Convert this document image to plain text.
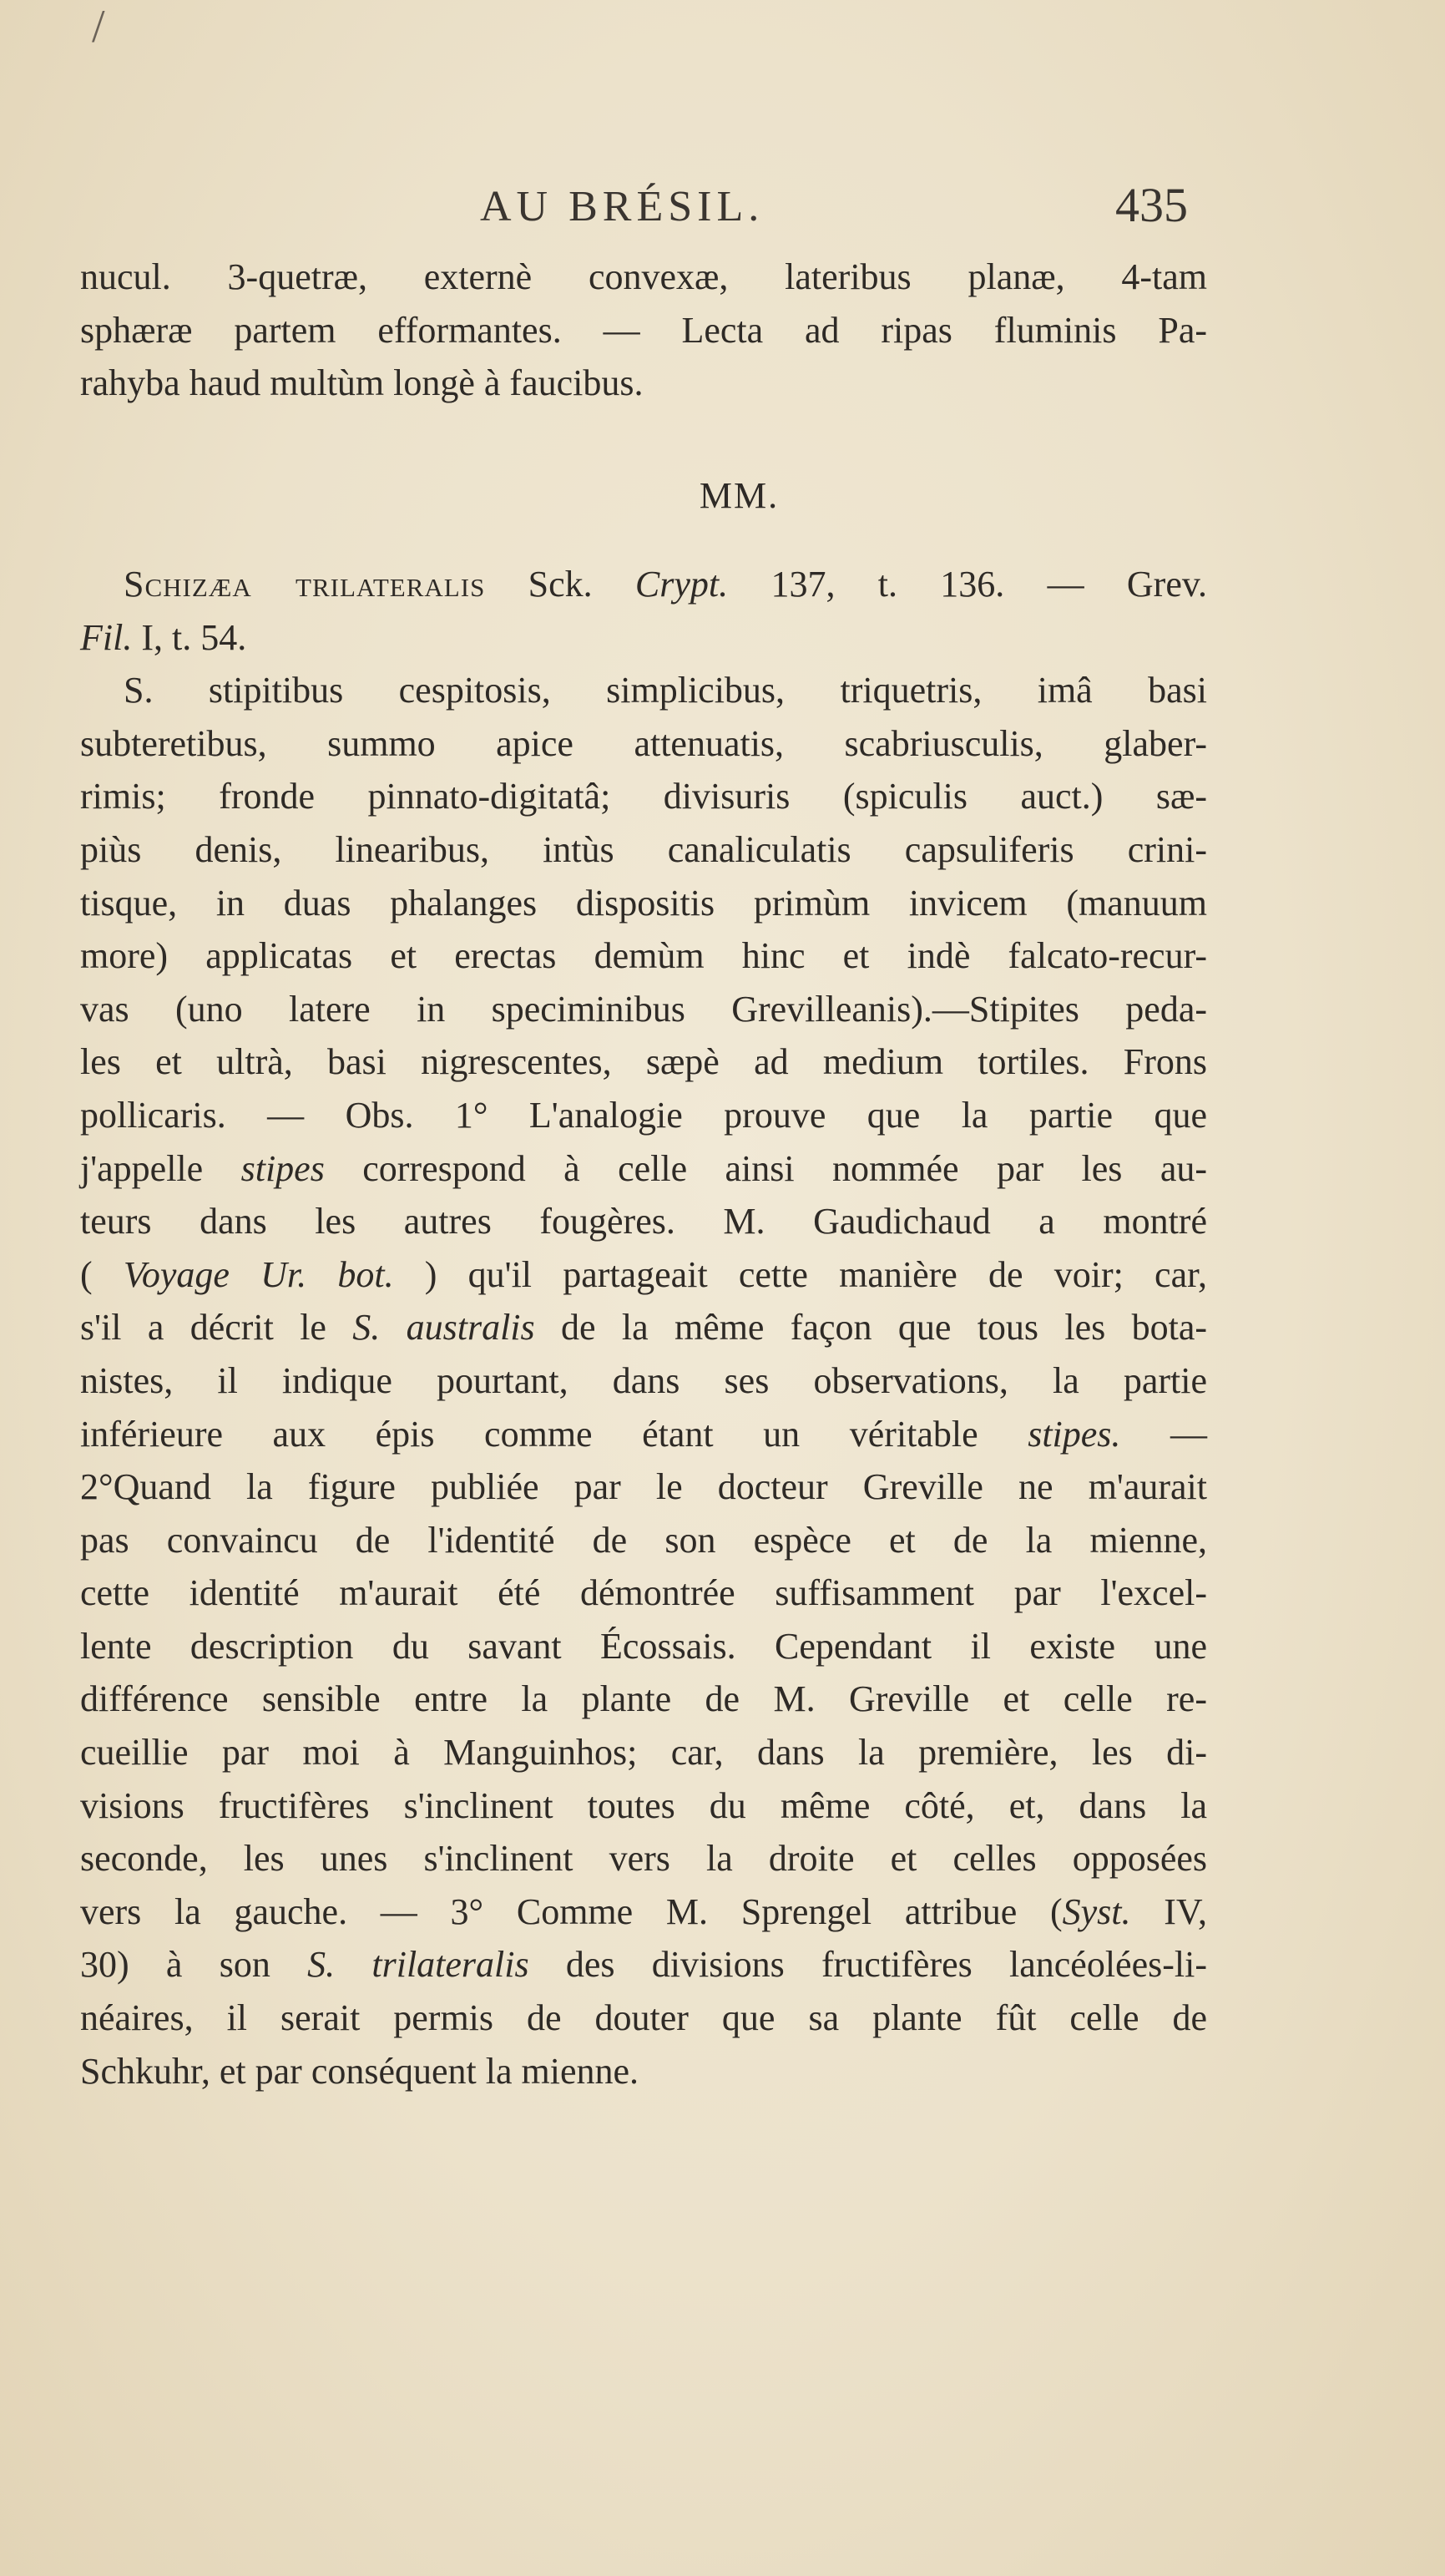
/
AU BRÉSIL.	435
nucul. 3-quetræ, externè convexæ, lateribus planæ, 4-tam
sphæræ partem efformantes. — Lecta ad ripas fluminis Pa-
rahyba haud multùm longè à faucibus.
MM.
Schizæa trilateralis Sck. Crypt. 137, t. 136. — Grev.
Fil. I, t. 54.
S. stipitibus cespitosis, simplicibus, triquetris, imâ basi
subteretibus, summo apice attenuatis, scabriusculis, glaber-
rimis; fronde pinnato-digitatâ; divisuris (spiculis auct.) sæ-
piùs denis, linearibus, intùs canaliculatis capsuliferis crini-
tisque, in duas phalanges dispositis primùm invicem (manuum
more) applicatas et erectas demùm hinc et indè falcato-recur-
vas (uno latere in speciminibus Grevilleanis).—Stipites peda-
les et ultrà, basi nigrescentes, sæpè ad medium tortiles. Frons
pollicaris. — Obs. 1° L'analogie prouve que la partie que
j'appelle stipes correspond à celle ainsi nommée par les au-
teurs dans les autres fougères. M. Gaudichaud a montré
( Voyage Ur. bot. ) qu'il partageait cette manière de voir; car,
s'il a décrit le S. australis de la même façon que tous les bota-
nistes, il indique pourtant, dans ses observations, la partie
inférieure aux épis comme étant un véritable stipes. —
2°Quand la figure publiée par le docteur Greville ne m'aurait
pas convaincu de l'identité de son espèce et de la mienne,
cette identité m'aurait été démontrée suffisamment par l'excel-
lente description du savant Écossais. Cependant il existe une
différence sensible entre la plante de M. Greville et celle re-
cueillie par moi à Manguinhos; car, dans la première, les di-
visions fructifères s'inclinent toutes du même côté, et, dans la
seconde, les unes s'inclinent vers la droite et celles opposées
vers la gauche. — 3° Comme M. Sprengel attribue (Syst. IV,
30) à son S. trilateralis des divisions fructifères lancéolées-li-
néaires, il serait permis de douter que sa plante fût celle de
Schkuhr, et par conséquent la mienne.
